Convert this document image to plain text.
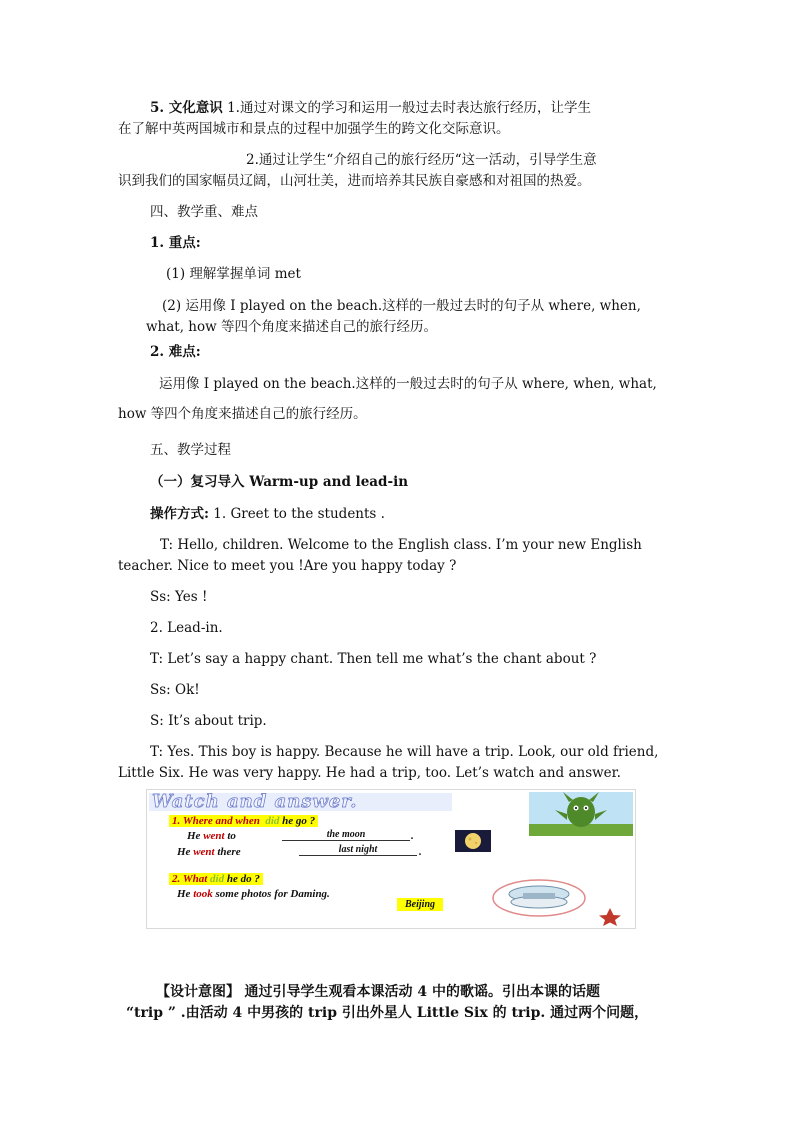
5. 文化意识 1.通过对课文的学习和运用一般过去时表达旅行经历，让学生
在了解中英两国城市和景点的过程中加强学生的跨文化交际意识。
2.通过让学生“介绍自己的旅行经历“这一活动，引导学生意
识到我们的国家幅员辽阔，山河壮美，进而培养其民族自豪感和对祖国的热爱。
四、教学重、难点
1. 重点:
(1) 理解掌握单词 met
(2) 运用像 I played on the beach.这样的一般过去时的句子从 where, when,
what, how 等四个角度来描述自己的旅行经历。
2. 难点:
运用像 I played on the beach.这样的一般过去时的句子从 where, when, what,
how 等四个角度来描述自己的旅行经历。
五、教学过程
（一）复习导入 Warm-up and lead-in
操作方式: 1. Greet to the students .
T: Hello, children. Welcome to the English class. I’m your new English
teacher. Nice to meet you !Are you happy today ?
Ss: Yes !
2. Lead-in.
T: Let’s say a happy chant. Then tell me what’s the chant about ?
Ss: Ok!
S: It’s about trip.
T: Yes. This boy is happy. Because he will have a trip. Look, our old friend,
Little Six. He was very happy. He had a trip, too. Let’s watch and answer.
Watch and answer.
1. Where and when did he go ?
He went to	the moon	.
He went there	last night	.
2. What did he do ?
He took some photos for Daming.
Beijing
【设计意图】 通过引导学生观看本课活动 4 中的歌谣。引出本课的话题
“trip ” .由活动 4 中男孩的 trip 引出外星人 Little Six 的 trip. 通过两个问题，
